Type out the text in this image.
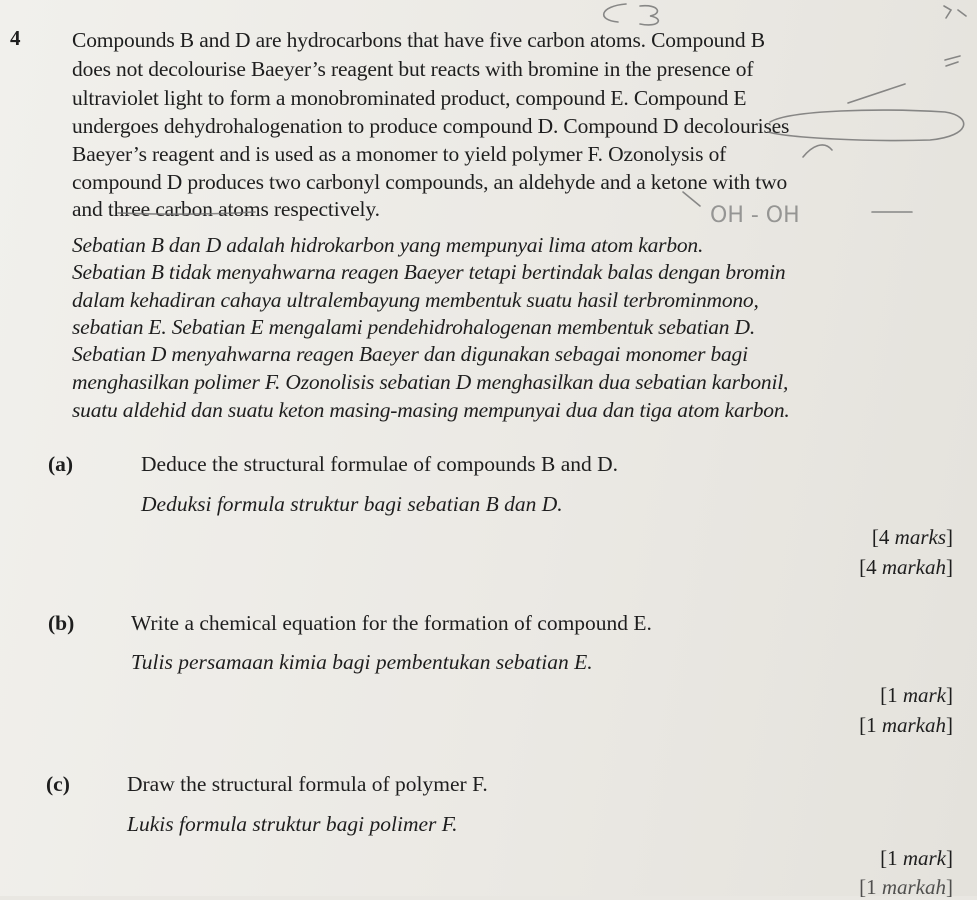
4 Compounds B and D are hydrocarbons that have five carbon atoms. Compound B
does not decolourise Baeyer’s reagent but reacts with bromine in the presence of
ultraviolet light to form a monobrominated product, compound E. Compound E
undergoes dehydrohalogenation to produce compound D. Compound D decolourises
Baeyer’s reagent and is used as a monomer to yield polymer F. Ozonolysis of
compound D produces two carbonyl compounds, an aldehyde and a ketone with two
and three carbon atoms respectively.
Sebatian B dan D adalah hidrokarbon yang mempunyai lima atom karbon.
Sebatian B tidak menyahwarna reagen Baeyer tetapi bertindak balas dengan bromin
dalam kehadiran cahaya ultralembayung membentuk suatu hasil terbrominmono,
sebatian E. Sebatian E mengalami pendehidrohalogenan membentuk sebatian D.
Sebatian D menyahwarna reagen Baeyer dan digunakan sebagai monomer bagi
menghasilkan polimer F. Ozonolisis sebatian D menghasilkan dua sebatian karbonil,
suatu aldehid dan suatu keton masing-masing mempunyai dua dan tiga atom karbon.
(a)	Deduce the structural formulae of compounds B and D.
Deduksi formula struktur bagi sebatian B dan D.
[4 marks]
[4 markah]
(b)	Write a chemical equation for the formation of compound E.
Tulis persamaan kimia bagi pembentukan sebatian E.
[1 mark]
[1 markah]
(c)	Draw the structural formula of polymer F.
Lukis formula struktur bagi polimer F.
[1 mark]
[1 markah]
OH - OH
